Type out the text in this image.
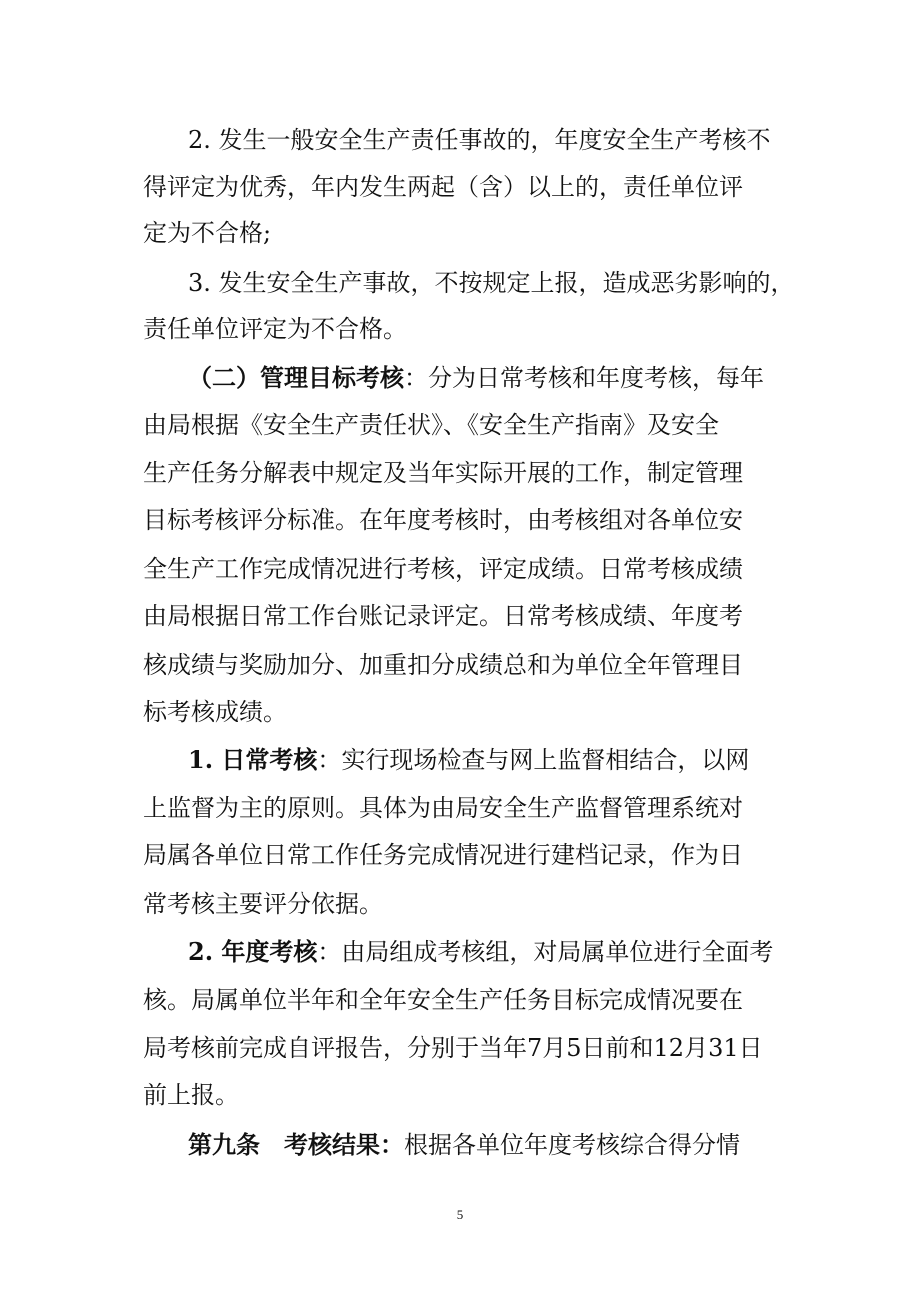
2. 发生一般安全生产责任事故的，年度安全生产考核不
得评定为优秀，年内发生两起（含）以上的，责任单位评
定为不合格;
3. 发生安全生产事故，不按规定上报，造成恶劣影响的，
责任单位评定为不合格。
（二）管理目标考核：分为日常考核和年度考核，每年
由局根据《安全生产责任状》、《安全生产指南》及安全
生产任务分解表中规定及当年实际开展的工作，制定管理
目标考核评分标准。在年度考核时，由考核组对各单位安
全生产工作完成情况进行考核，评定成绩。日常考核成绩
由局根据日常工作台账记录评定。日常考核成绩、年度考
核成绩与奖励加分、加重扣分成绩总和为单位全年管理目
标考核成绩。
1. 日常考核：实行现场检查与网上监督相结合，以网
上监督为主的原则。具体为由局安全生产监督管理系统对
局属各单位日常工作任务完成情况进行建档记录，作为日
常考核主要评分依据。
2. 年度考核：由局组成考核组，对局属单位进行全面考
核。局属单位半年和全年安全生产任务目标完成情况要在
局考核前完成自评报告，分别于当年7月5日前和12月31日
前上报。
第九条　考核结果：根据各单位年度考核综合得分情
5
